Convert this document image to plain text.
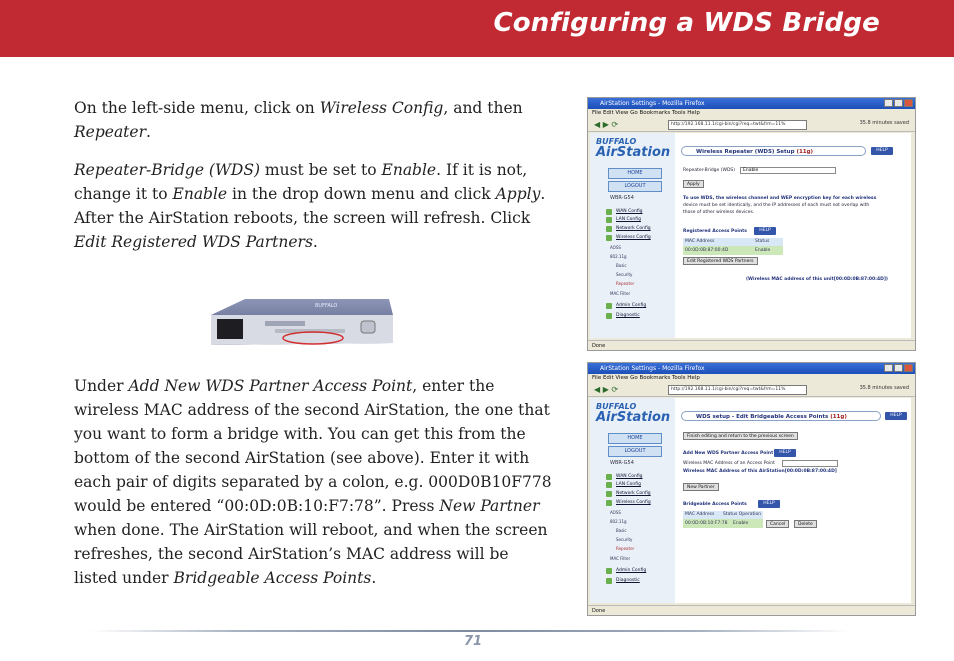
Configuring a WDS Bridge
On the left-side menu, click on Wireless Config, and then Repeater.
Repeater-Bridge (WDS) must be set to Enable. If it is not, change it to Enable in the drop down menu and click Apply. After the AirStation reboots, the screen will refresh. Click Edit Registered WDS Partners.
BUFFALO
Under Add New WDS Partner Access Point, enter the wireless MAC address of the second AirStation, the one that you want to form a bridge with. You can get this from the bottom of the second AirStation (see above). Enter it with each pair of digits separated by a colon, e.g. 000D0B10F778 would be entered “00:0D:0B:10:F7:78”. Press New Partner when done. The AirStation will reboot, and when the screen refreshes, the second AirStation’s MAC address will be listed under Bridgeable Access Points.
AirStation Settings - Mozilla Firefox
File Edit View Go Bookmarks Tools Help
◀ ▶ ⟳	http://192.168.11.1/cgi-bin/cgi?req=twt&frm=11%	35.8 minutes saved
BUFFALO
AirStation
HOME
LOGOUT
WBR-G54
WAN Config
LAN Config
Network Config
Wireless Config
AOSS
802.11g
Basic
Security
Repeater
MAC Filter
Admin Config
Diagnostic
Wireless Repeater (WDS) Setup (11g)	HELP
Repeater-Bridge (WDS)	Enable
Apply
To use WDS, the wireless channel and WEP encryption key for each wireless
device must be set identically, and the IP addresses of each must not overlap with
those of other wireless devices.
Registered Access Points	HELP
MAC Address	Status
00:0D:0B:87:00:4D	Enable
Edit Registered WDS Partners
(Wireless MAC address of this unit[00:0D:0B:87:00:4D])
Done
AirStation Settings - Mozilla Firefox
File Edit View Go Bookmarks Tools Help
◀ ▶ ⟳	http://192.168.11.1/cgi-bin/cgi?req=twt&frm=11%	35.8 minutes saved
BUFFALO
AirStation
HOME
LOGOUT
WBR-G54
WAN Config
LAN Config
Network Config
Wireless Config
AOSS
802.11g
Basic
Security
Repeater
MAC Filter
Admin Config
Diagnostic
WDS setup - Edit Bridgeable Access Points (11g)	HELP
Finish editing and return to the previous screen
Add New WDS Partner Access Point	HELP
Wireless MAC Address of an Access Point
Wireless MAC Address of this AirStation[00:0D:0B:87:00:4D]
New Partner
Bridgeable Access Points	HELP
MAC Address Status Operation
00:0D:0B:10:F7:78 Enable	Cancel	Delete
Done
71
